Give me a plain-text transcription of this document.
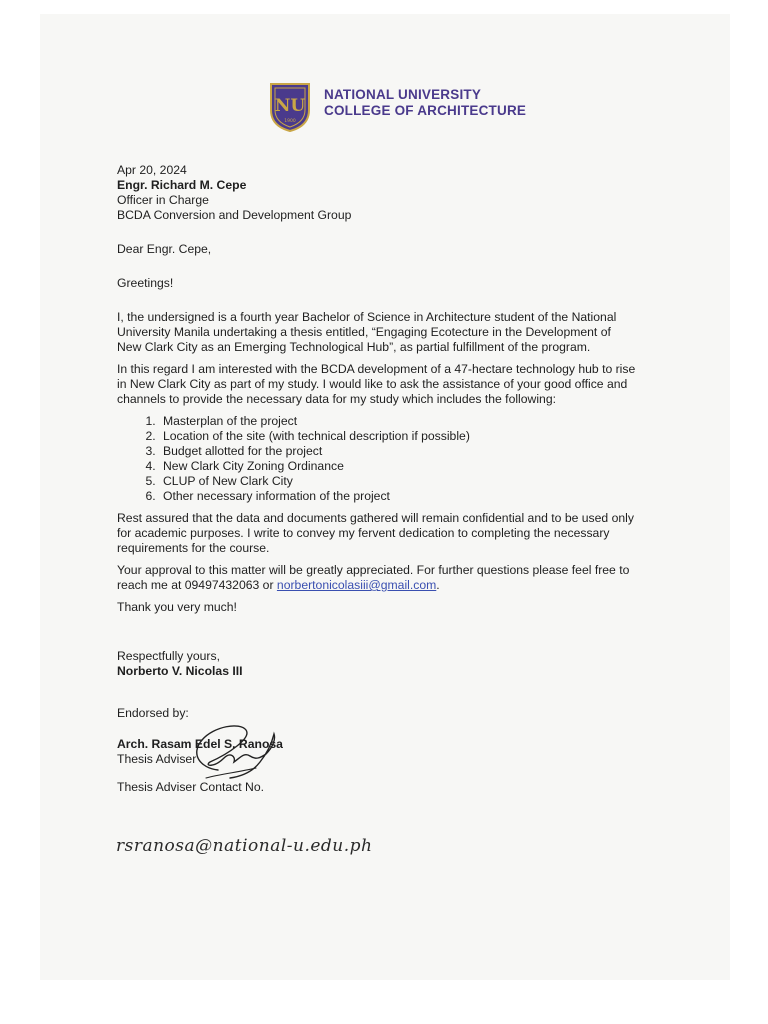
NU
1900
NATIONAL UNIVERSITY
COLLEGE OF ARCHITECTURE

Apr 20, 2024

Engr. Richard M. Cepe

Officer in Charge

BCDA Conversion and Development Group

Dear Engr. Cepe,

Greetings!

I, the undersigned is a fourth year Bachelor of Science in Architecture student of the National
University Manila undertaking a thesis entitled, “Engaging Ecotecture in the Development of
New Clark City as an Emerging Technological Hub”, as partial fulfillment of the program.

In this regard I am interested with the BCDA development of a 47-hectare technology hub to rise
in New Clark City as part of my study. I would like to ask the assistance of your good office and
channels to provide the necessary data for my study which includes the following:

1. Masterplan of the project
2. Location of the site (with technical description if possible)
3. Budget allotted for the project
4. New Clark City Zoning Ordinance
5. CLUP of New Clark City
6. Other necessary information of the project

Rest assured that the data and documents gathered will remain confidential and to be used only
for academic purposes. I write to convey my fervent dedication to completing the necessary
requirements for the course.

Your approval to this matter will be greatly appreciated. For further questions please feel free to
reach me at 09497432063 or norbertonicolasiii@gmail.com.

Thank you very much!

Respectfully yours,

Norberto V. Nicolas III

Endorsed by:

Arch. Rasam Edel S. Ranosa

Thesis Adviser

Thesis Adviser Contact No.

rsranosa@national-u.edu.ph
